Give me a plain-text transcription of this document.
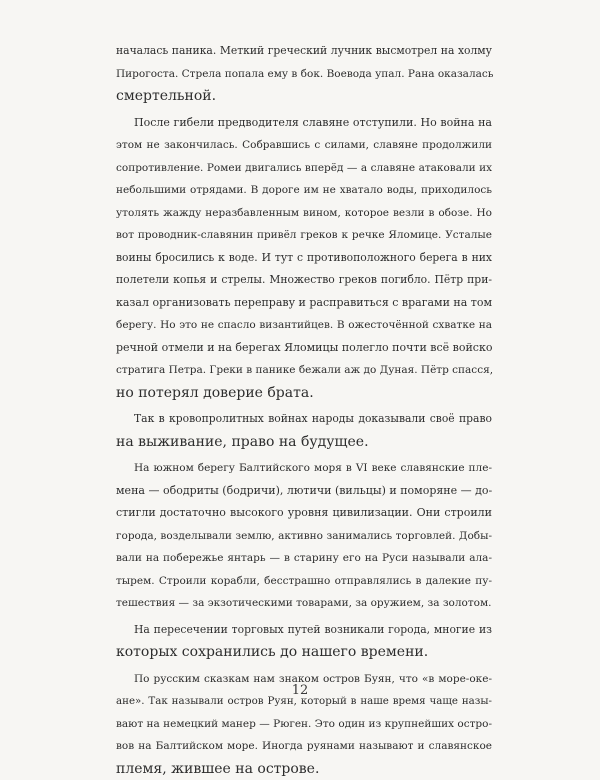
началась паника. Меткий греческий лучник высмотрел на холму
Пирогоста. Стрела попала ему в бок. Воевода упал. Рана оказалась
смертельной.

После гибели предводителя славяне отступили. Но война на
этом не закончилась. Собравшись с силами, славяне продолжили
сопротивление. Ромеи двигались вперёд — а славяне атаковали их
небольшими отрядами. В дороге им не хватало воды, приходилось
утолять жажду неразбавленным вином, которое везли в обозе. Но
вот проводник-славянин привёл греков к речке Яломице. Усталые
воины бросились к воде. И тут с противоположного берега в них
полетели копья и стрелы. Множество греков погибло. Пётр при-
казал организовать переправу и расправиться с врагами на том
берегу. Но это не спасло византийцев. В ожесточённой схватке на
речной отмели и на берегах Яломицы полегло почти всё войско
стратига Петра. Греки в панике бежали аж до Дуная. Пётр спасся,
но потерял доверие брата.

Так в кровопролитных войнах народы доказывали своё право
на выживание, право на будущее.

На южном берегу Балтийского моря в VI веке славянские пле-
мена — ободриты (бодричи), лютичи (вильцы) и поморяне — до-
стигли достаточно высокого уровня цивилизации. Они строили
города, возделывали землю, активно занимались торговлей. Добы-
вали на побережье янтарь — в старину его на Руси называли ала-
тырем. Строили корабли, бесстрашно отправлялись в далекие пу-
тешествия — за экзотическими товарами, за оружием, за золотом.

На пересечении торговых путей возникали города, многие из
которых сохранились до нашего времени.

По русским сказкам нам знаком остров Буян, что «в море-оке-
ане». Так называли остров Руян, который в наше время чаще назы-
вают на немецкий манер — Рюген. Это один из крупнейших остро-
вов на Балтийском море. Иногда руянами называют и славянское
племя, жившее на острове.

12
